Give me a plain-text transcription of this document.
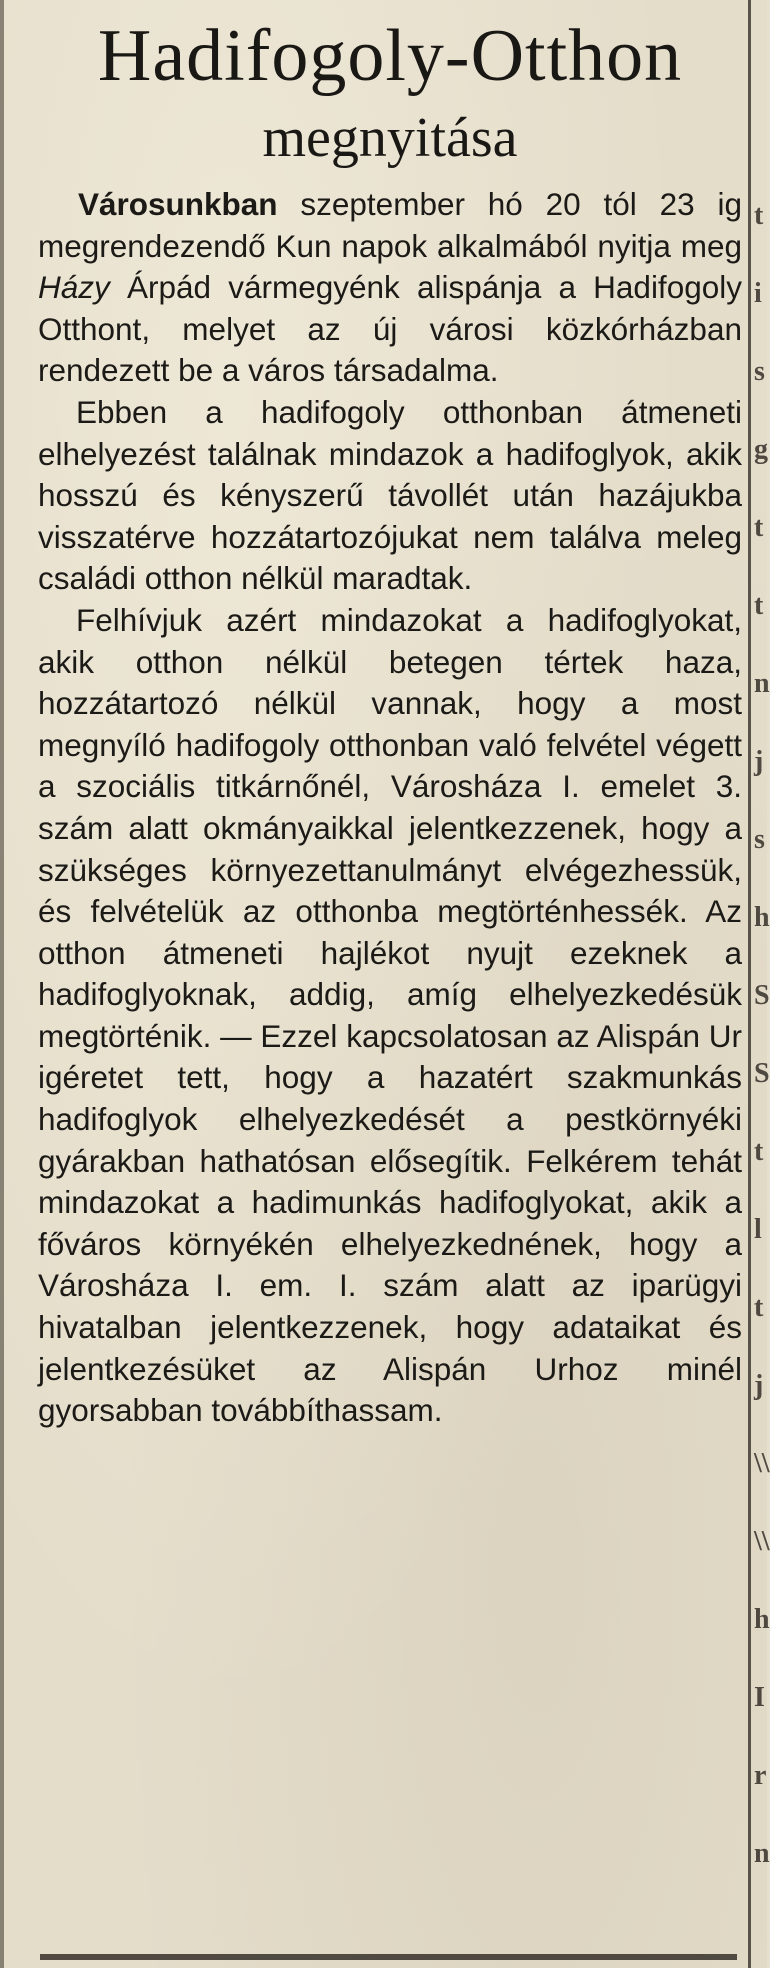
t
i
s
g
t
t
n
j
s
h
S
S
t
l
t
j
\\
\\
h
I
r
n
Hadifogoly-Otthon
megnyitása

Városunkban szeptember hó 20 tól 23 ig megrendezendő Kun napok alkalmából nyitja meg Házy Árpád vármegyénk alispánja a Hadifogoly Otthont, melyet az új városi közkórházban rendezett be a város társadalma.

Ebben a hadifogoly otthonban átmeneti elhelyezést találnak mindazok a hadifoglyok, akik hosszú és kényszerű távollét után hazájukba visszatérve hozzátartozójukat nem találva meleg családi otthon nélkül maradtak.

Felhívjuk azért mindazokat a hadifoglyokat, akik otthon nélkül betegen tértek haza, hozzátartozó nélkül vannak, hogy a most megnyíló hadifogoly otthonban való felvétel végett a szociális titkárnőnél, Városháza I. emelet 3. szám alatt okmányaikkal jelentkezzenek, hogy a szükséges környezettanulmányt elvégezhessük, és felvételük az otthonba megtörténhessék. Az otthon átmeneti hajlékot nyujt ezeknek a hadifoglyoknak, addig, amíg elhelyezkedésük megtörténik. — Ezzel kapcsolatosan az Alispán Ur igéretet tett, hogy a hazatért szakmunkás hadifoglyok elhelyezkedését a pestkörnyéki gyárakban hathatósan elősegítik. Felkérem tehát mindazokat a hadimunkás hadifoglyokat, akik a főváros környékén elhelyezkednének, hogy a Városháza I. em. I. szám alatt az iparügyi hivatalban jelentkezzenek, hogy adataikat és jelentkezésüket az Alispán Urhoz minél gyorsabban továbbíthassam.
